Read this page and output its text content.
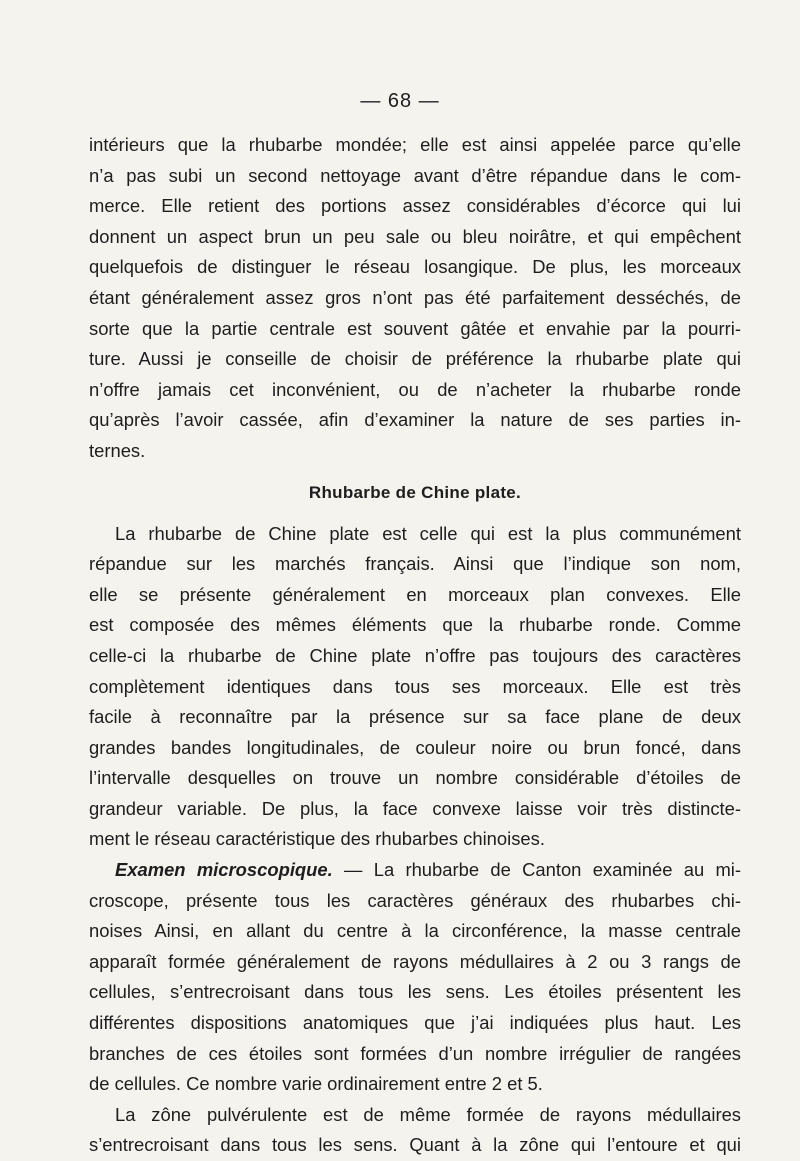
— 68 —
intérieurs que la rhubarbe mondée; elle est ainsi appelée parce qu’elle
n’a pas subi un second nettoyage avant d’être répandue dans le com-
merce. Elle retient des portions assez considérables d’écorce qui lui
donnent un aspect brun un peu sale ou bleu noirâtre, et qui empêchent
quelquefois de distinguer le réseau losangique. De plus, les morceaux
étant généralement assez gros n’ont pas été parfaitement desséchés, de
sorte que la partie centrale est souvent gâtée et envahie par la pourri-
ture. Aussi je conseille de choisir de préférence la rhubarbe plate qui
n’offre jamais cet inconvénient, ou de n’acheter la rhubarbe ronde
qu’après l’avoir cassée, afin d’examiner la nature de ses parties in-
ternes.
Rhubarbe de Chine plate.
La rhubarbe de Chine plate est celle qui est la plus communément
répandue sur les marchés français. Ainsi que l’indique son nom,
elle se présente généralement en morceaux plan convexes. Elle
est composée des mêmes éléments que la rhubarbe ronde. Comme
celle-ci la rhubarbe de Chine plate n’offre pas toujours des caractères
complètement identiques dans tous ses morceaux. Elle est très
facile à reconnaître par la présence sur sa face plane de deux
grandes bandes longitudinales, de couleur noire ou brun foncé, dans
l’intervalle desquelles on trouve un nombre considérable d’étoiles de
grandeur variable. De plus, la face convexe laisse voir très distincte-
ment le réseau caractéristique des rhubarbes chinoises.
Examen microscopique. — La rhubarbe de Canton examinée au mi-
croscope, présente tous les caractères généraux des rhubarbes chi-
noises Ainsi, en allant du centre à la circonférence, la masse centrale
apparaît formée généralement de rayons médullaires à 2 ou 3 rangs de
cellules, s’entrecroisant dans tous les sens. Les étoiles présentent les
différentes dispositions anatomiques que j’ai indiquées plus haut. Les
branches de ces étoiles sont formées d’un nombre irrégulier de rangées
de cellules. Ce nombre varie ordinairement entre 2 et 5.
La zône pulvérulente est de même formée de rayons médullaires
s’entrecroisant dans tous les sens. Quant à la zône qui l’entoure et qui
